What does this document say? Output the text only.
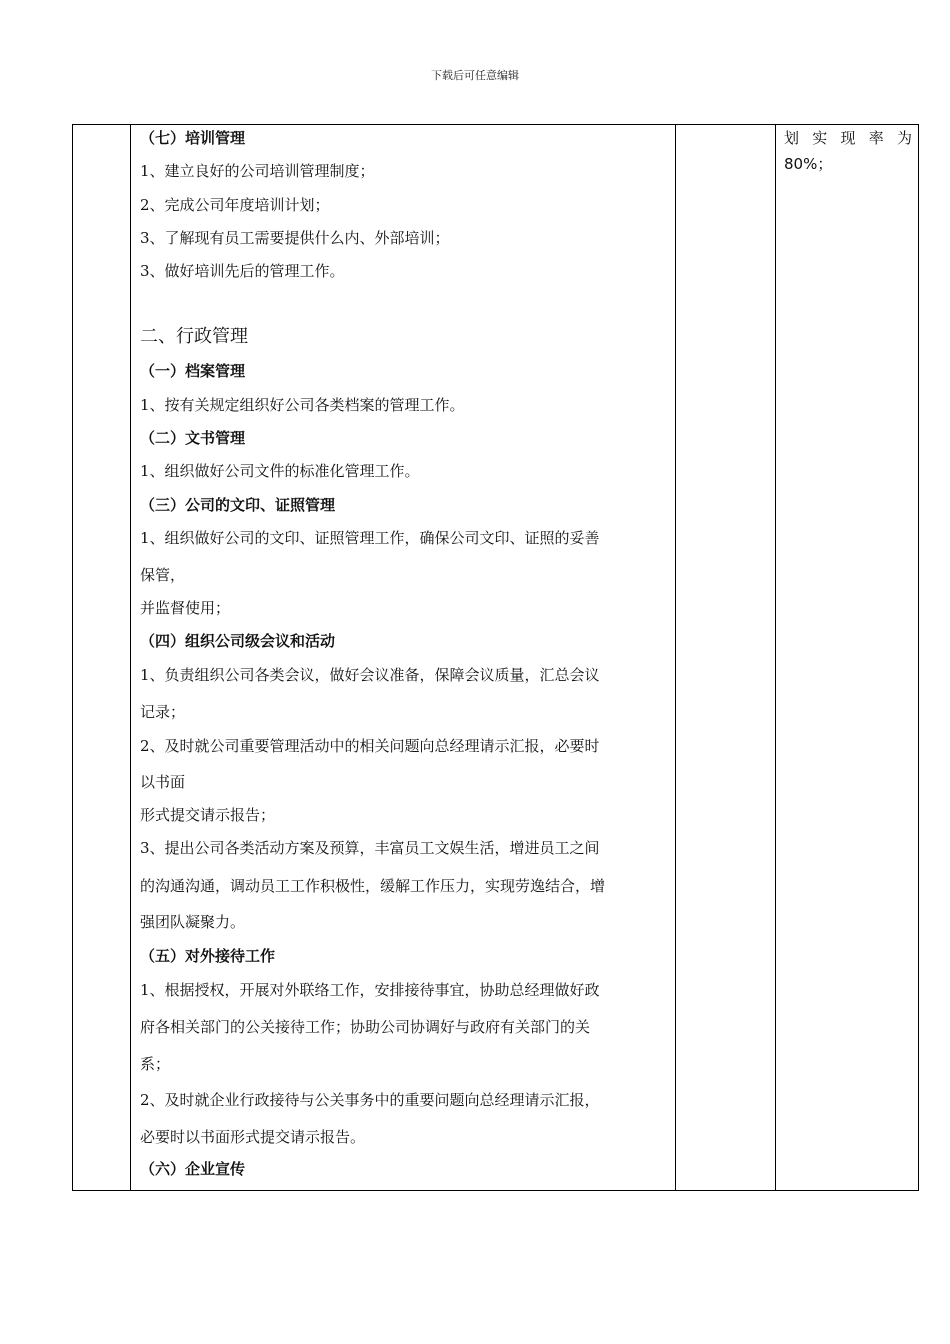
下载后可任意编辑
（七）培训管理
1、建立良好的公司培训管理制度；
2、完成公司年度培训计划；
3、了解现有员工需要提供什么内、外部培训；
3、做好培训先后的管理工作。
二、行政管理
（一）档案管理
1、按有关规定组织好公司各类档案的管理工作。
（二）文书管理
1、组织做好公司文件的标准化管理工作。
（三）公司的文印、证照管理
1、组织做好公司的文印、证照管理工作，确保公司文印、证照的妥善
保管，
并监督使用；
（四）组织公司级会议和活动
1、负责组织公司各类会议，做好会议准备，保障会议质量，汇总会议
记录；
2、及时就公司重要管理活动中的相关问题向总经理请示汇报，必要时
以书面
形式提交请示报告；
3、提出公司各类活动方案及预算，丰富员工文娱生活，增进员工之间
的沟通沟通，调动员工工作积极性，缓解工作压力，实现劳逸结合，增
强团队凝聚力。
（五）对外接待工作
1、根据授权，开展对外联络工作，安排接待事宜，协助总经理做好政
府各相关部门的公关接待工作；协助公司协调好与政府有关部门的关
系；
2、及时就企业行政接待与公关事务中的重要问题向总经理请示汇报，
必要时以书面形式提交请示报告。
（六）企业宣传
划实现率为
80%；
